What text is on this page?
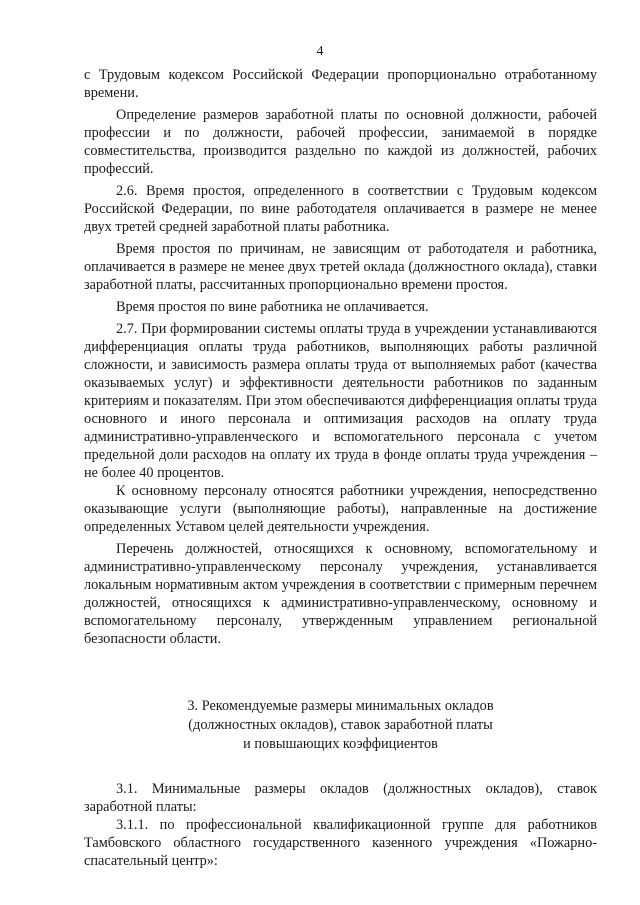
4

с Трудовым кодексом Российской Федерации пропорционально отработанному времени.

Определение размеров заработной платы по основной должности, рабочей профессии и по должности, рабочей профессии, занимаемой в порядке совместительства, производится раздельно по каждой из должностей, рабочих профессий.

2.6. Время простоя, определенного в соответствии с Трудовым кодексом Российской Федерации, по вине работодателя оплачивается в размере не менее двух третей средней заработной платы работника.

Время простоя по причинам, не зависящим от работодателя и работника, оплачивается в размере не менее двух третей оклада (должностного оклада), ставки заработной платы, рассчитанных пропорционально времени простоя.

Время простоя по вине работника не оплачивается.

2.7. При формировании системы оплаты труда в учреждении устанавливаются дифференциация оплаты труда работников, выполняющих работы различной сложности, и зависимость размера оплаты труда от выполняемых работ (качества оказываемых услуг) и эффективности деятельности работников по заданным критериям и показателям. При этом обеспечиваются дифференциация оплаты труда основного и иного персонала и оптимизация расходов на оплату труда административно-управленческого и вспомогательного персонала с учетом предельной доли расходов на оплату их труда в фонде оплаты труда учреждения – не более 40 процентов.

К основному персоналу относятся работники учреждения, непосредственно оказывающие услуги (выполняющие работы), направленные на достижение определенных Уставом целей деятельности учреждения.

Перечень должностей, относящихся к основному, вспомогательному и административно-управленческому персоналу учреждения, устанавливается локальным нормативным актом учреждения в соответствии с примерным перечнем должностей, относящихся к административно-управленческому, основному и вспомогательному персоналу, утвержденным управлением региональной безопасности области.

3. Рекомендуемые размеры минимальных окладов
(должностных окладов), ставок заработной платы
и повышающих коэффициентов

3.1. Минимальные размеры окладов (должностных окладов), ставок заработной платы:

3.1.1. по профессиональной квалификационной группе для работников Тамбовского областного государственного казенного учреждения «Пожарно-спасательный центр»:
